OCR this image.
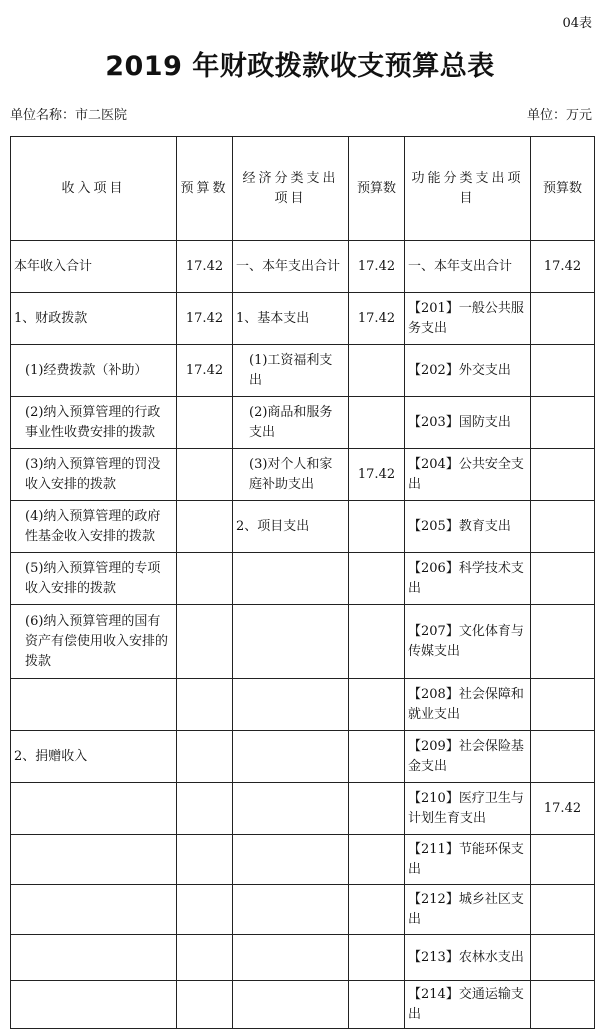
04表
2019 年财政拨款收支预算总表
单位名称：市二医院	单位：万元
收入项目	预算数	经济分类支出项目	预算数	功能分类支出项目	预算数
本年收入合计	17.42	一、本年支出合计	17.42	一、本年支出合计	17.42
1、财政拨款	17.42	1、基本支出	17.42	【201】一般公共服务支出	
(1)经费拨款（补助）	17.42	(1)工资福利支出		【202】外交支出	
(2)纳入预算管理的行政事业性收费安排的拨款		(2)商品和服务支出		【203】国防支出	
(3)纳入预算管理的罚没收入安排的拨款		(3)对个人和家庭补助支出	17.42	【204】公共安全支出	
(4)纳入预算管理的政府性基金收入安排的拨款		2、项目支出		【205】教育支出	
(5)纳入预算管理的专项收入安排的拨款				【206】科学技术支出	
(6)纳入预算管理的国有资产有偿使用收入安排的拨款				【207】文化体育与传媒支出	
				【208】社会保障和就业支出	
2、捐赠收入				【209】社会保险基金支出	
				【210】医疗卫生与计划生育支出	17.42
				【211】节能环保支出	
				【212】城乡社区支出	
				【213】农林水支出	
				【214】交通运输支出	
